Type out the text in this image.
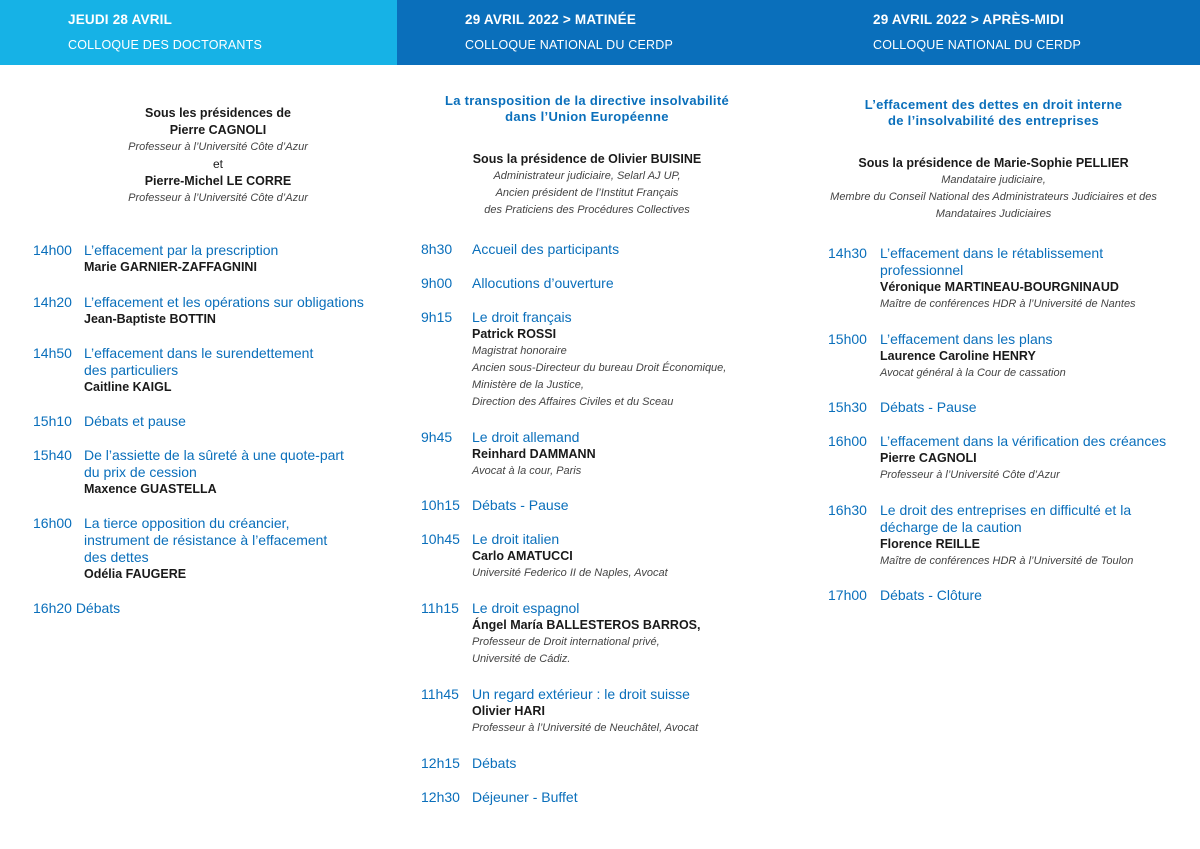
JEUDI 28 AVRIL
COLLOQUE DES DOCTORANTS
29 AVRIL 2022 > MATINÉE
COLLOQUE NATIONAL DU CERDP
29 AVRIL 2022 > APRÈS-MIDI
COLLOQUE NATIONAL DU CERDP
Sous les présidences de
Pierre CAGNOLI
Professeur à l’Université Côte d’Azur
et
Pierre-Michel LE CORRE
Professeur à l’Université Côte d’Azur
14h00 L’effacement par la prescription
Marie GARNIER-ZAFFAGNINI
14h20 L’effacement et les opérations sur obligations
Jean-Baptiste BOTTIN
14h50 L’effacement dans le surendettement
des particuliers
Caitline KAIGL
15h10 Débats et pause
15h40 De l’assiette de la sûreté à une quote-part
du prix de cession
Maxence GUASTELLA
16h00 La tierce opposition du créancier,
instrument de résistance à l’effacement
des dettes
Odélia FAUGERE
16h20 Débats
La transposition de la directive insolvabilité
dans l’Union Européenne
Sous la présidence de Olivier BUISINE
Administrateur judiciaire, Selarl AJ UP,
Ancien président de l’Institut Français
des Praticiens des Procédures Collectives
8h30 Accueil des participants
9h00 Allocutions d’ouverture
9h15 Le droit français
Patrick ROSSI
Magistrat honoraire
Ancien sous-Directeur du bureau Droit Économique,
Ministère de la Justice,
Direction des Affaires Civiles et du Sceau
9h45 Le droit allemand
Reinhard DAMMANN
Avocat à la cour, Paris
10h15 Débats - Pause
10h45 Le droit italien
Carlo AMATUCCI
Université Federico II de Naples, Avocat
11h15 Le droit espagnol
Ángel María BALLESTEROS BARROS,
Professeur de Droit international privé,
Université de Cádiz.
11h45 Un regard extérieur : le droit suisse
Olivier HARI
Professeur à l’Université de Neuchâtel, Avocat
12h15 Débats
12h30 Déjeuner - Buffet
L’effacement des dettes en droit interne
de l’insolvabilité des entreprises
Sous la présidence de Marie-Sophie PELLIER
Mandataire judiciaire,
Membre du Conseil National des Administrateurs Judiciaires et des
Mandataires Judiciaires
14h30 L’effacement dans le rétablissement
professionnel
Véronique MARTINEAU-BOURGNINAUD
Maître de conférences HDR à l’Université de Nantes
15h00 L’effacement dans les plans
Laurence Caroline HENRY
Avocat général à la Cour de cassation
15h30 Débats - Pause
16h00 L’effacement dans la vérification des créances
Pierre CAGNOLI
Professeur à l’Université Côte d’Azur
16h30 Le droit des entreprises en difficulté et la
décharge de la caution
Florence REILLE
Maître de conférences HDR à l’Université de Toulon
17h00 Débats - Clôture
